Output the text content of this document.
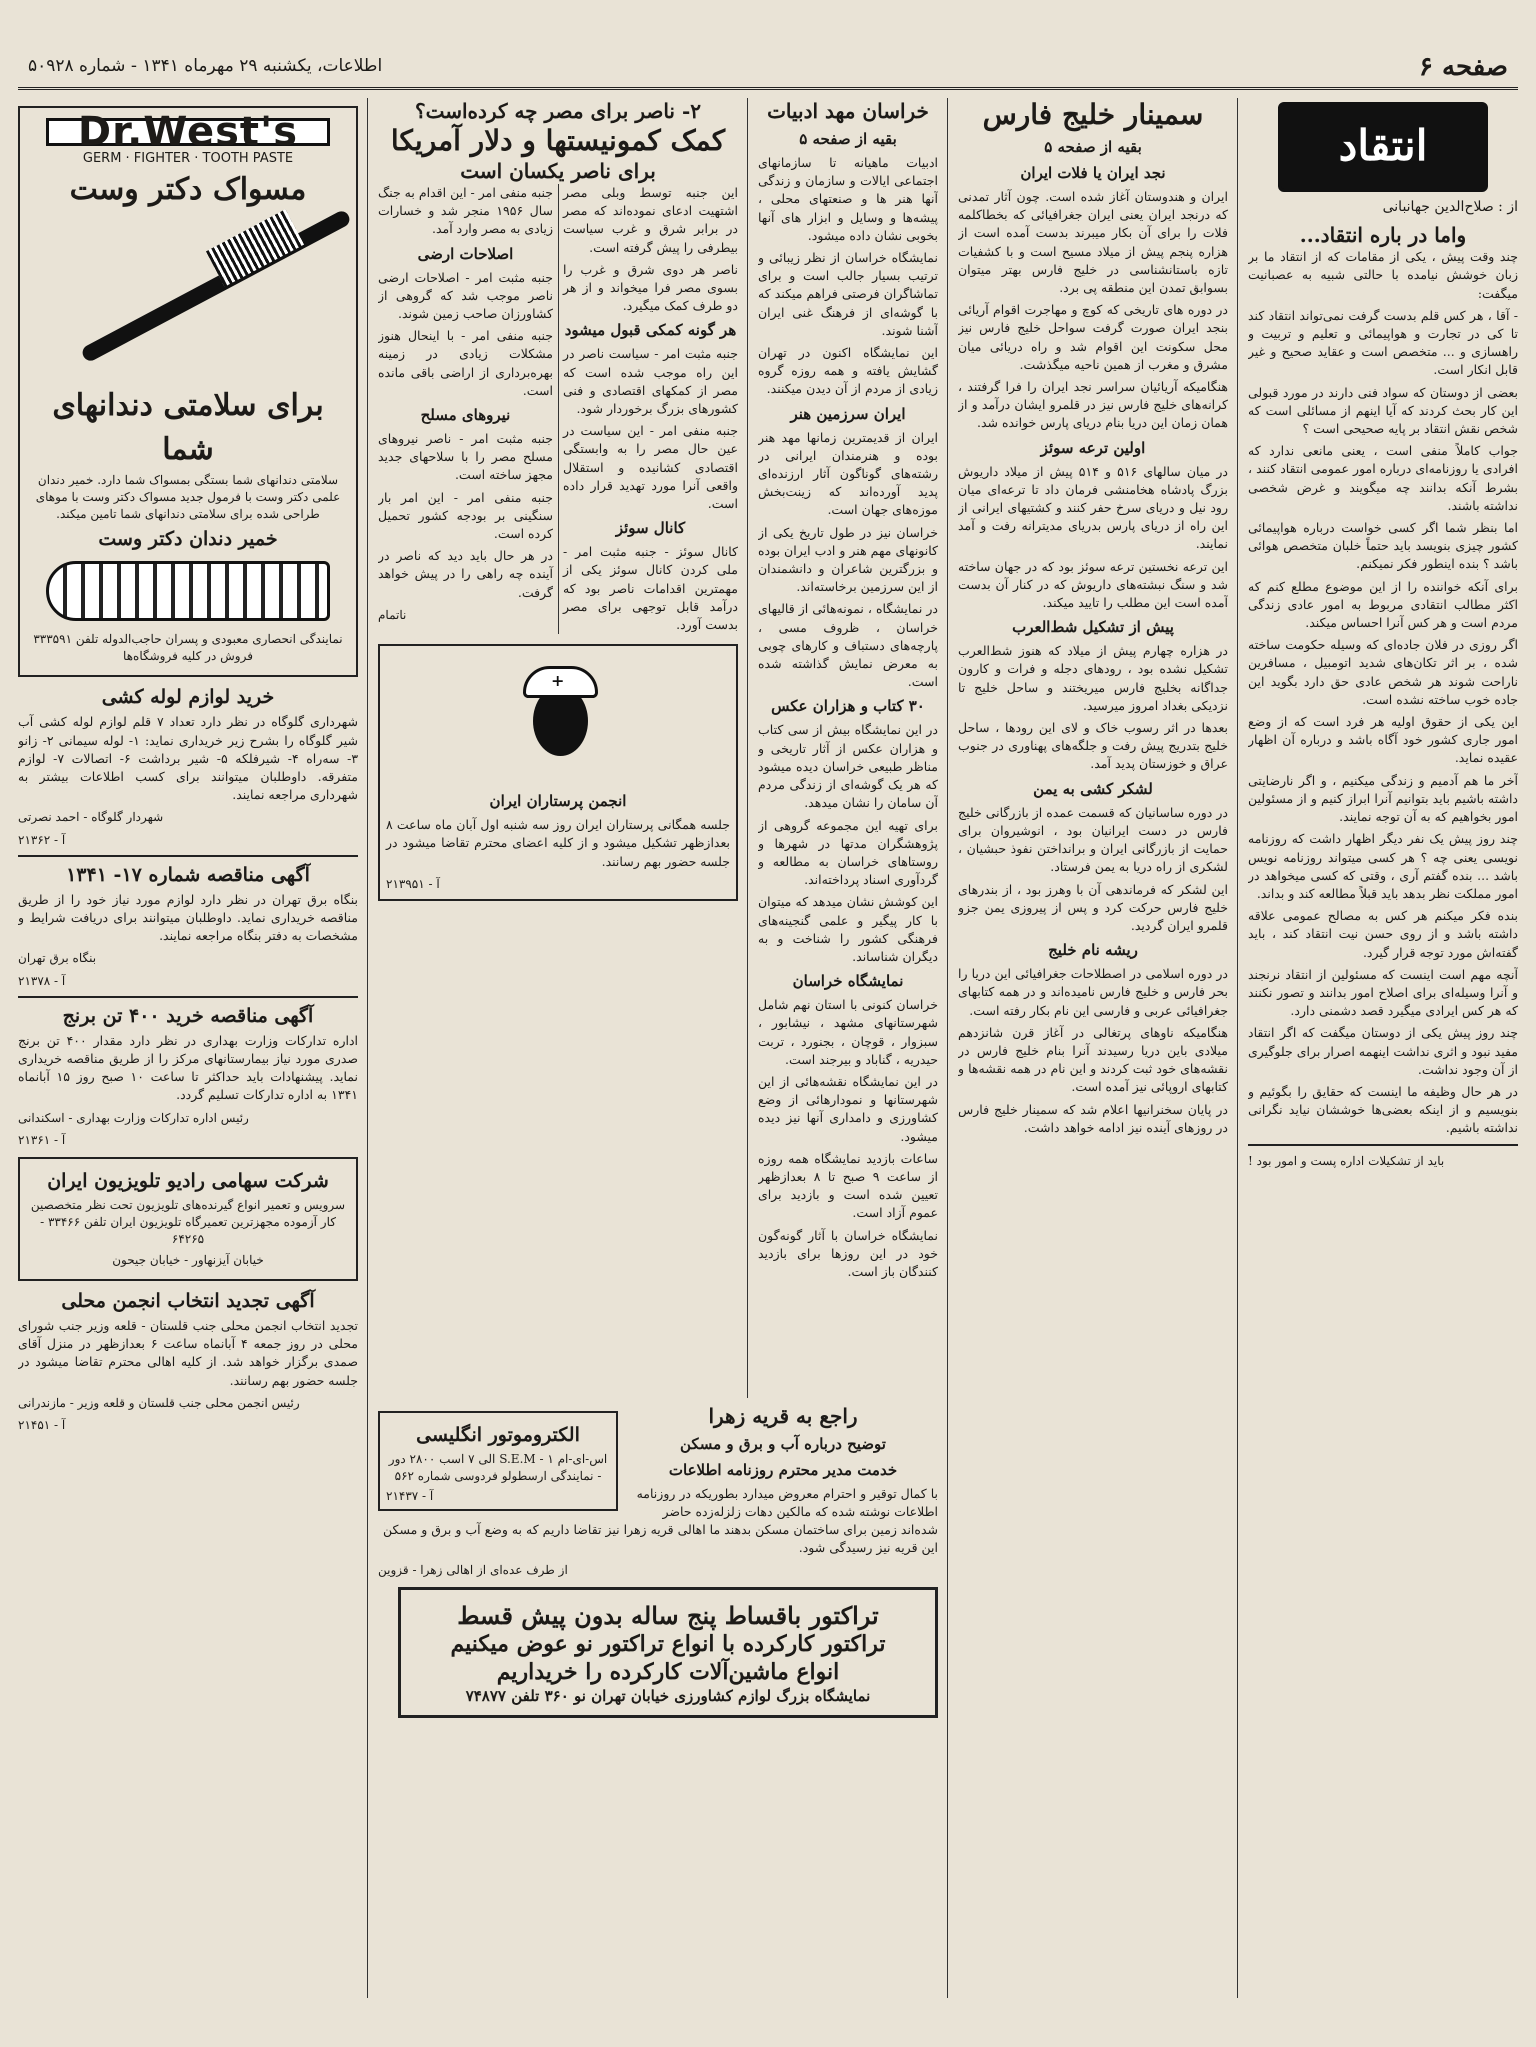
صفحه ۶
اطلاعات، یکشنبه ۲۹ مهرماه ۱۳۴۱ - شماره ۵۰۹۲۸
انتقاد
از : صلاح‌الدین جهانبانی
واما در باره انتقاد...

چند وقت پیش ، یکی از مقامات که از انتقاد ما بر زبان خوشش نیامده با حالتی شبیه به عصبانیت میگفت:

- آقا ، هر کس قلم بدست گرفت نمی‌تواند انتقاد کند تا کی در تجارت و هواپیمائی و تعلیم و تربیت و راهسازی و ... متخصص است و عقاید صحیح و غیر قابل انکار است.

بعضی از دوستان که سواد فنی دارند در مورد قبولی این کار بحث کردند که آیا اینهم از مسائلی است که شخص نقش انتقاد بر پایه صحیحی است ؟

جواب کاملاً منفی است ، یعنی مانعی ندارد که افرادی یا روزنامه‌ای درباره امور عمومی انتقاد کنند ، بشرط آنکه بدانند چه میگویند و غرض شخصی نداشته باشند.

اما بنظر شما اگر کسی خواست درباره هواپیمائی کشور چیزی بنویسد باید حتماً خلبان متخصص هوائی باشد ؟ بنده اینطور فکر نمیکنم.

برای آنکه خواننده را از این موضوع مطلع کنم که اکثر مطالب انتقادی مربوط به امور عادی زندگی مردم است و هر کس آنرا احساس میکند.

اگر روزی در فلان جاده‌ای که وسیله حکومت ساخته شده ، بر اثر تکان‌های شدید اتومبیل ، مسافرین ناراحت شوند هر شخص عادی حق دارد بگوید این جاده خوب ساخته نشده است.

این یکی از حقوق اولیه هر فرد است که از وضع امور جاری کشور خود آگاه باشد و درباره آن اظهار عقیده نماید.

آخر ما هم آدمیم و زندگی میکنیم ، و اگر نارضایتی داشته باشیم باید بتوانیم آنرا ابراز کنیم و از مسئولین امور بخواهیم که به آن توجه نمایند.

چند روز پیش یک نفر دیگر اظهار داشت که روزنامه نویسی یعنی چه ؟ هر کسی میتواند روزنامه نویس باشد ... بنده گفتم آری ، وقتی که کسی میخواهد در امور مملکت نظر بدهد باید قبلاً مطالعه کند و بداند.

بنده فکر میکنم هر کس به مصالح عمومی علاقه داشته باشد و از روی حسن نیت انتقاد کند ، باید گفته‌اش مورد توجه قرار گیرد.

آنچه مهم است اینست که مسئولین از انتقاد نرنجند و آنرا وسیله‌ای برای اصلاح امور بدانند و تصور نکنند که هر کس ایرادی میگیرد قصد دشمنی دارد.

چند روز پیش یکی از دوستان میگفت که اگر انتقاد مفید نبود و اثری نداشت اینهمه اصرار برای جلوگیری از آن وجود نداشت.

در هر حال وظیفه ما اینست که حقایق را بگوئیم و بنویسیم و از اینکه بعضی‌ها خوششان نیاید نگرانی نداشته باشیم.

باید از تشکیلات اداره پست و امور بود !
سمینار خلیج فارس
بقیه از صفحه ۵
نجد ایران یا فلات ایران

ایران و هندوستان آغاز شده است. چون آثار تمدنی که درنجد ایران یعنی ایران جغرافیائی که بخطاکلمه فلات را برای آن بکار میبرند بدست آمده است از هزاره پنجم پیش از میلاد مسیح است و با کشفیات تازه باستانشناسی در خلیج فارس بهتر میتوان بسوابق تمدن این منطقه پی برد.

در دوره های تاریخی که کوچ و مهاجرت اقوام آریائی بنجد ایران صورت گرفت سواحل خلیج فارس نیز محل سکونت این اقوام شد و راه دریائی میان مشرق و مغرب از همین ناحیه میگذشت.

هنگامیکه آریائیان سراسر نجد ایران را فرا گرفتند ، کرانه‌های خلیج فارس نیز در قلمرو ایشان درآمد و از همان زمان این دریا بنام دریای پارس خوانده شد.

اولین ترعه سوئز

در میان سالهای ۵۱۶ و ۵۱۴ پیش از میلاد داریوش بزرگ پادشاه هخامنشی فرمان داد تا ترعه‌ای میان رود نیل و دریای سرخ حفر کنند و کشتیهای ایرانی از این راه از دریای پارس بدریای مدیترانه رفت و آمد نمایند.

این ترعه نخستین ترعه سوئز بود که در جهان ساخته شد و سنگ نبشته‌های داریوش که در کنار آن بدست آمده است این مطلب را تایید میکند.

پیش از تشکیل شط‌العرب

در هزاره چهارم پیش از میلاد که هنوز شط‌العرب تشکیل نشده بود ، رودهای دجله و فرات و کارون جداگانه بخلیج فارس میریختند و ساحل خلیج تا نزدیکی بغداد امروز میرسید.

بعدها در اثر رسوب خاک و لای این رودها ، ساحل خلیج بتدریج پیش رفت و جلگه‌های پهناوری در جنوب عراق و خوزستان پدید آمد.

لشکر کشی به یمن

در دوره ساسانیان که قسمت عمده از بازرگانی خلیج فارس در دست ایرانیان بود ، انوشیروان برای حمایت از بازرگانی ایران و برانداختن نفوذ حبشیان ، لشکری از راه دریا به یمن فرستاد.

این لشکر که فرماندهی آن با وهرز بود ، از بندرهای خلیج فارس حرکت کرد و پس از پیروزی یمن جزو قلمرو ایران گردید.

ریشه نام خلیج

در دوره اسلامی در اصطلاحات جغرافیائی این دریا را بحر فارس و خلیج فارس نامیده‌اند و در همه کتابهای جغرافیائی عربی و فارسی این نام بکار رفته است.

هنگامیکه ناوهای پرتغالی در آغاز قرن شانزدهم میلادی باین دریا رسیدند آنرا بنام خلیج فارس در نقشه‌های خود ثبت کردند و این نام در همه نقشه‌ها و کتابهای اروپائی نیز آمده است.

در پایان سخنرانیها اعلام شد که سمینار خلیج فارس در روزهای آینده نیز ادامه خواهد داشت.

خراسان مهد ادبیات
بقیه از صفحه ۵

ادبیات ماهیانه تا سازمانهای اجتماعی ایالات و سازمان و زندگی آنها هنر ها و صنعتهای محلی ، پیشه‌ها و وسایل و ابزار های آنها بخوبی نشان داده میشود.

نمایشگاه خراسان از نظر زیبائی و ترتیب بسیار جالب است و برای تماشاگران فرصتی فراهم میکند که با گوشه‌ای از فرهنگ غنی ایران آشنا شوند.

این نمایشگاه اکنون در تهران گشایش یافته و همه روزه گروه زیادی از مردم از آن دیدن میکنند.

ایران سرزمین هنر

ایران از قدیمترین زمانها مهد هنر بوده و هنرمندان ایرانی در رشته‌های گوناگون آثار ارزنده‌ای پدید آورده‌اند که زینت‌بخش موزه‌های جهان است.

خراسان نیز در طول تاریخ یکی از کانونهای مهم هنر و ادب ایران بوده و بزرگترین شاعران و دانشمندان از این سرزمین برخاسته‌اند.

در نمایشگاه ، نمونه‌هائی از قالیهای خراسان ، ظروف مسی ، پارچه‌های دستباف و کارهای چوبی به معرض نمایش گذاشته شده است.

۳۰ کتاب و هزاران عکس

در این نمایشگاه بیش از سی کتاب و هزاران عکس از آثار تاریخی و مناظر طبیعی خراسان دیده میشود که هر یک گوشه‌ای از زندگی مردم آن سامان را نشان میدهد.

برای تهیه این مجموعه گروهی از پژوهشگران مدتها در شهرها و روستاهای خراسان به مطالعه و گردآوری اسناد پرداخته‌اند.

این کوشش نشان میدهد که میتوان با کار پیگیر و علمی گنجینه‌های فرهنگی کشور را شناخت و به دیگران شناساند.

نمایشگاه خراسان

خراسان کنونی با استان نهم شامل شهرستانهای مشهد ، نیشابور ، سبزوار ، قوچان ، بجنورد ، تربت حیدریه ، گناباد و بیرجند است.

در این نمایشگاه نقشه‌هائی از این شهرستانها و نمودارهائی از وضع کشاورزی و دامداری آنها نیز دیده میشود.

ساعات بازدید نمایشگاه همه روزه از ساعت ۹ صبح تا ۸ بعدازظهر تعیین شده است و بازدید برای عموم آزاد است.

نمایشگاه خراسان با آثار گونه‌گون خود در این روزها برای بازدید کنندگان باز است.

۲- ناصر برای مصر چه کرده‌است؟
کمک کمونیستها و دلار آمریکا
برای ناصر یکسان است

این جنبه توسط وبلی مصر اشتهیت ادعای نموده‌اند که مصر در برابر شرق و غرب سیاست بیطرفی را پیش گرفته است.

ناصر هر دوی شرق و غرب را بسوی مصر فرا میخواند و از هر دو طرف کمک میگیرد.

هر گونه کمکی قبول میشود

جنبه مثبت امر - سیاست ناصر در این راه موجب شده است که مصر از کمکهای اقتصادی و فنی کشورهای بزرگ برخوردار شود.

جنبه منفی امر - این سیاست در عین حال مصر را به وابستگی اقتصادی کشانیده و استقلال واقعی آنرا مورد تهدید قرار داده است.

کانال سوئز

کانال سوئز - جنبه مثبت امر - ملی کردن کانال سوئز یکی از مهمترین اقدامات ناصر بود که درآمد قابل توجهی برای مصر بدست آورد.

جنبه منفی امر - این اقدام به جنگ سال ۱۹۵۶ منجر شد و خسارات زیادی به مصر وارد آمد.

اصلاحات ارضی

جنبه مثبت امر - اصلاحات ارضی ناصر موجب شد که گروهی از کشاورزان صاحب زمین شوند.

جنبه منفی امر - با اینحال هنوز مشکلات زیادی در زمینه بهره‌برداری از اراضی باقی مانده است.

نیروهای مسلح

جنبه مثبت امر - ناصر نیروهای مسلح مصر را با سلاحهای جدید مجهز ساخته است.

جنبه منفی امر - این امر بار سنگینی بر بودجه کشور تحمیل کرده است.

در هر حال باید دید که ناصر در آینده چه راهی را در پیش خواهد گرفت.

ناتمام
+
انجمن پرستاران ایران

جلسه همگانی پرستاران ایران روز سه شنبه اول آبان ماه ساعت ۸ بعدازظهر تشکیل میشود و از کلیه اعضای محترم تقاضا میشود در جلسه حضور بهم رسانند.

آ - ۲۱۳۹۵۱
Dr.West's
GERM · FIGHTER · TOOTH PASTE
مسواک دکتر وست
برای سلامتی دندانهای شما

سلامتی دندانهای شما بستگی بمسواک شما دارد. خمیر دندان علمی دکتر وست با فرمول جدید مسواک دکتر وست با موهای طراحی شده برای سلامتی دندانهای شما تامین میکند.

خمیر دندان دکتر وست

نمایندگی انحصاری معبودی و پسران حاجب‌الدوله تلفن ۳۳۳۵۹۱ فروش در کلیه فروشگاه‌ها

خرید لوازم لوله کشی

شهرداری گلوگاه در نظر دارد تعداد ۷ قلم لوازم لوله کشی آب شیر گلوگاه را بشرح زیر خریداری نماید: ۱- لوله سیمانی ۲- زانو ۳- سه‌راه ۴- شیرفلکه ۵- شیر برداشت ۶- اتصالات ۷- لوازم متفرقه. داوطلبان میتوانند برای کسب اطلاعات بیشتر به شهرداری مراجعه نمایند.

شهردار گلوگاه - احمد نصرتی
آ - ۲۱۳۶۲
آگهی مناقصه شماره ۱۷- ۱۳۴۱

بنگاه برق تهران در نظر دارد لوازم مورد نیاز خود را از طریق مناقصه خریداری نماید. داوطلبان میتوانند برای دریافت شرایط و مشخصات به دفتر بنگاه مراجعه نمایند.

بنگاه برق تهران
آ - ۲۱۳۷۸
آگهی مناقصه خرید ۴۰۰ تن برنج

اداره تدارکات وزارت بهداری در نظر دارد مقدار ۴۰۰ تن برنج صدری مورد نیاز بیمارستانهای مرکز را از طریق مناقصه خریداری نماید. پیشنهادات باید حداکثر تا ساعت ۱۰ صبح روز ۱۵ آبانماه ۱۳۴۱ به اداره تدارکات تسلیم گردد.

رئیس اداره تدارکات وزارت بهداری - اسکندانی
آ - ۲۱۳۶۱
شرکت سهامی رادیو تلویزیون ایران

سرویس و تعمیر انواع گیرنده‌های تلویزیون تحت نظر متخصصین کار آزموده مجهزترین تعمیرگاه تلویزیون ایران تلفن ۳۳۴۶۶ - ۶۴۲۶۵

خیابان آیزنهاور - خیابان جیحون

آگهی تجدید انتخاب انجمن محلی

تجدید انتخاب انجمن محلی جنب قلستان - قلعه وزیر جنب شورای محلی در روز جمعه ۴ آبانماه ساعت ۶ بعدازظهر در منزل آقای صمدی برگزار خواهد شد. از کلیه اهالی محترم تقاضا میشود در جلسه حضور بهم رسانند.

رئیس انجمن محلی جنب قلستان و قلعه وزیر - مازندرانی
آ - ۲۱۴۵۱	الکتروموتور انگلیسی

اس-ای-ام S.E.M - ۱ الی ۷ اسب ۲۸۰۰ دور - نمایندگی ارسطولو فردوسی شماره ۵۶۲

آ - ۲۱۴۳۷
راجع به قریه زهرا
توضیح درباره آب و برق و مسکن
خدمت مدیر محترم روزنامه اطلاعات

با کمال توقیر و احترام معروض میدارد بطوریکه در روزنامه اطلاعات نوشته شده که مالکین دهات زلزله‌زده حاضر شده‌اند زمین برای ساختمان مسکن بدهند ما اهالی قریه زهرا نیز تقاضا داریم که به وضع آب و برق و مسکن این قریه نیز رسیدگی شود.

از طرف عده‌ای از اهالی زهرا - قزوین
تراکتور باقساط پنج ساله بدون پیش قسط
تراکتور کارکرده با انواع تراکتور نو عوض میکنیم
انواع ماشین‌آلات کارکرده را خریداریم
نمایشگاه بزرگ لوازم کشاورزی خیابان تهران نو ۳۶۰ تلفن ۷۴۸۷۷
